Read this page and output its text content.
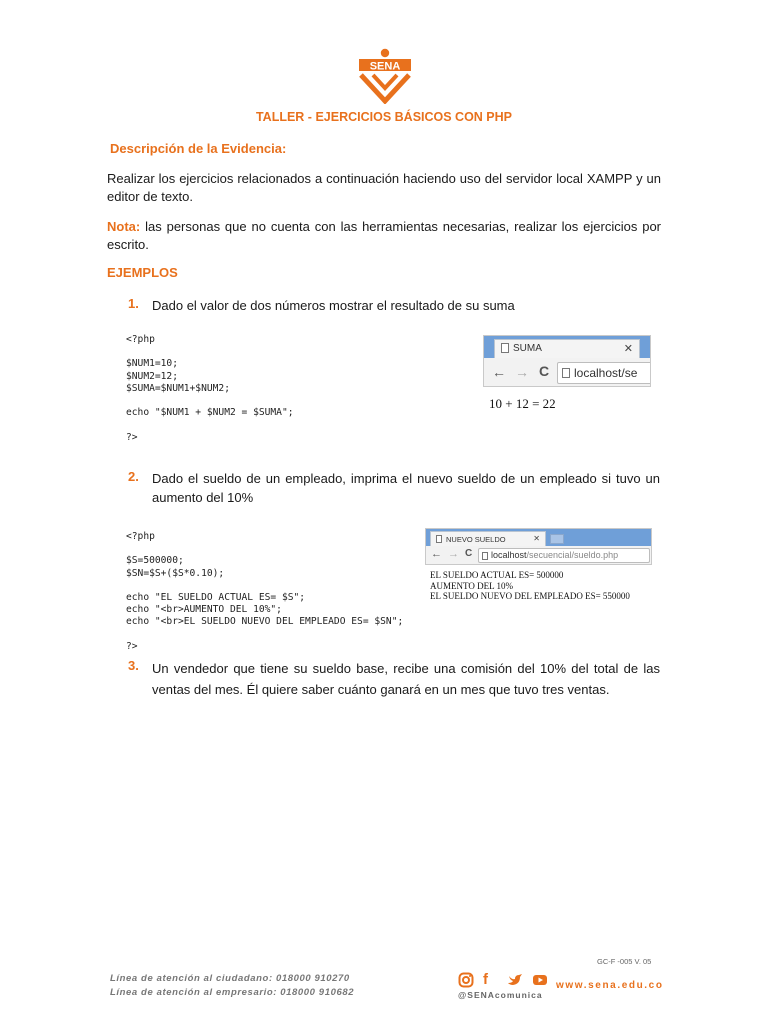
SENA
TALLER - EJERCICIOS BÁSICOS CON PHP
Descripción de la Evidencia:

Realizar los ejercicios relacionados a continuación haciendo uso del servidor local XAMPP y un editor de texto.

Nota: las personas que no cuenta con las herramientas necesarias, realizar los ejercicios por escrito.

EJEMPLOS
1. Dado el valor de dos números mostrar el resultado de su suma
<?php

$NUM1=10;
$NUM2=12;
$SUMA=$NUM1+$NUM2;

echo "$NUM1 + $NUM2 = $SUMA";

?>
SUMA	✕
← → C	localhost/se
10 + 12 = 22
2. Dado el sueldo de un empleado, imprima el nuevo sueldo de un empleado si tuvo un aumento del 10%
<?php

$S=500000;
$SN=$S+($S*0.10);

echo "EL SUELDO ACTUAL ES= $S";
echo "<br>AUMENTO DEL 10%";
echo "<br>EL SUELDO NUEVO DEL EMPLEADO ES= $SN";

?>
NUEVO SUELDO	✕
← → C	localhost/secuencial/sueldo.php
EL SUELDO ACTUAL ES= 500000
AUMENTO DEL 10%
EL SUELDO NUEVO DEL EMPLEADO ES= 550000
3. Un vendedor que tiene su sueldo base, recibe una comisión del 10% del total de las ventas del mes. Él quiere saber cuánto ganará en un mes que tuvo tres ventas.
GC-F -005 V. 05
Línea de atención al ciudadano: 018000 910270
Línea de atención al empresario: 018000 910682
f
@SENAcomunica
www.sena.edu.co
